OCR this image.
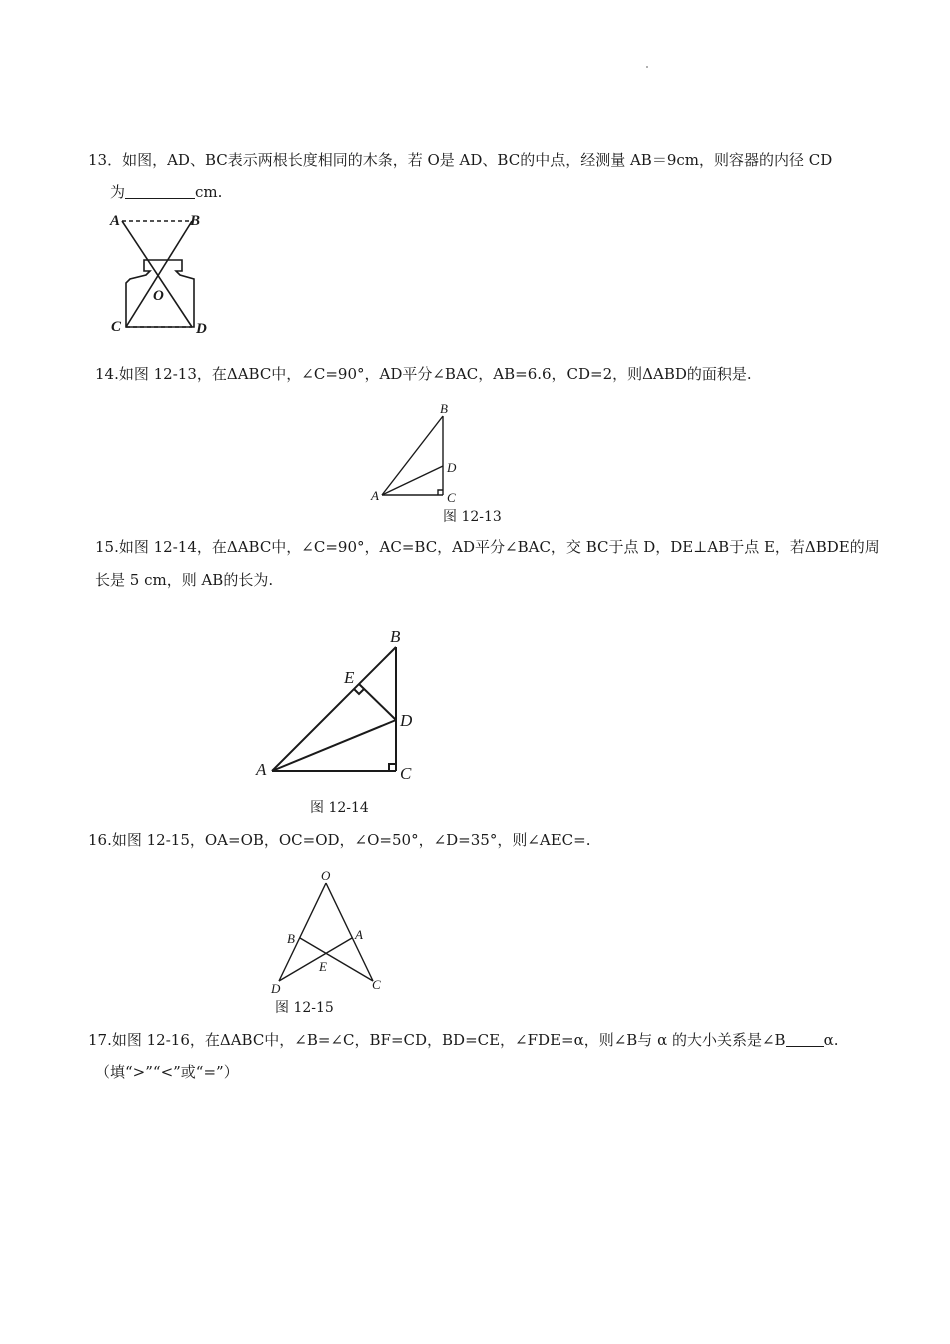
13．如图，AD、BC表示两根长度相同的木条，若 O是 AD、BC的中点，经测量 AB＝9cm，则容器的内径 CD
为	cm.
A	B
O
C	D
14.如图 12-13，在ΔABC中，∠C=90°，AD平分∠BAC，AB=6.6，CD=2，则ΔABD的面积是.
A
B
C
D
图 12-13
15.如图 12-14，在ΔABC中，∠C=90°，AC=BC，AD平分∠BAC，交 BC于点 D，DE⊥AB于点 E，若ΔBDE的周
长是 5 cm，则 AB的长为.
A
B
C
D
E
图 12-14
16.如图 12-15，OA=OB，OC=OD，∠O=50°，∠D=35°，则∠AEC=.
O
A
B
C
D
E
图 12-15
17.如图 12-16，在ΔABC中，∠B=∠C，BF=CD，BD=CE，∠FDE=α，则∠B与 α 的大小关系是∠B	α.
（填“>”“<”或“=”）
